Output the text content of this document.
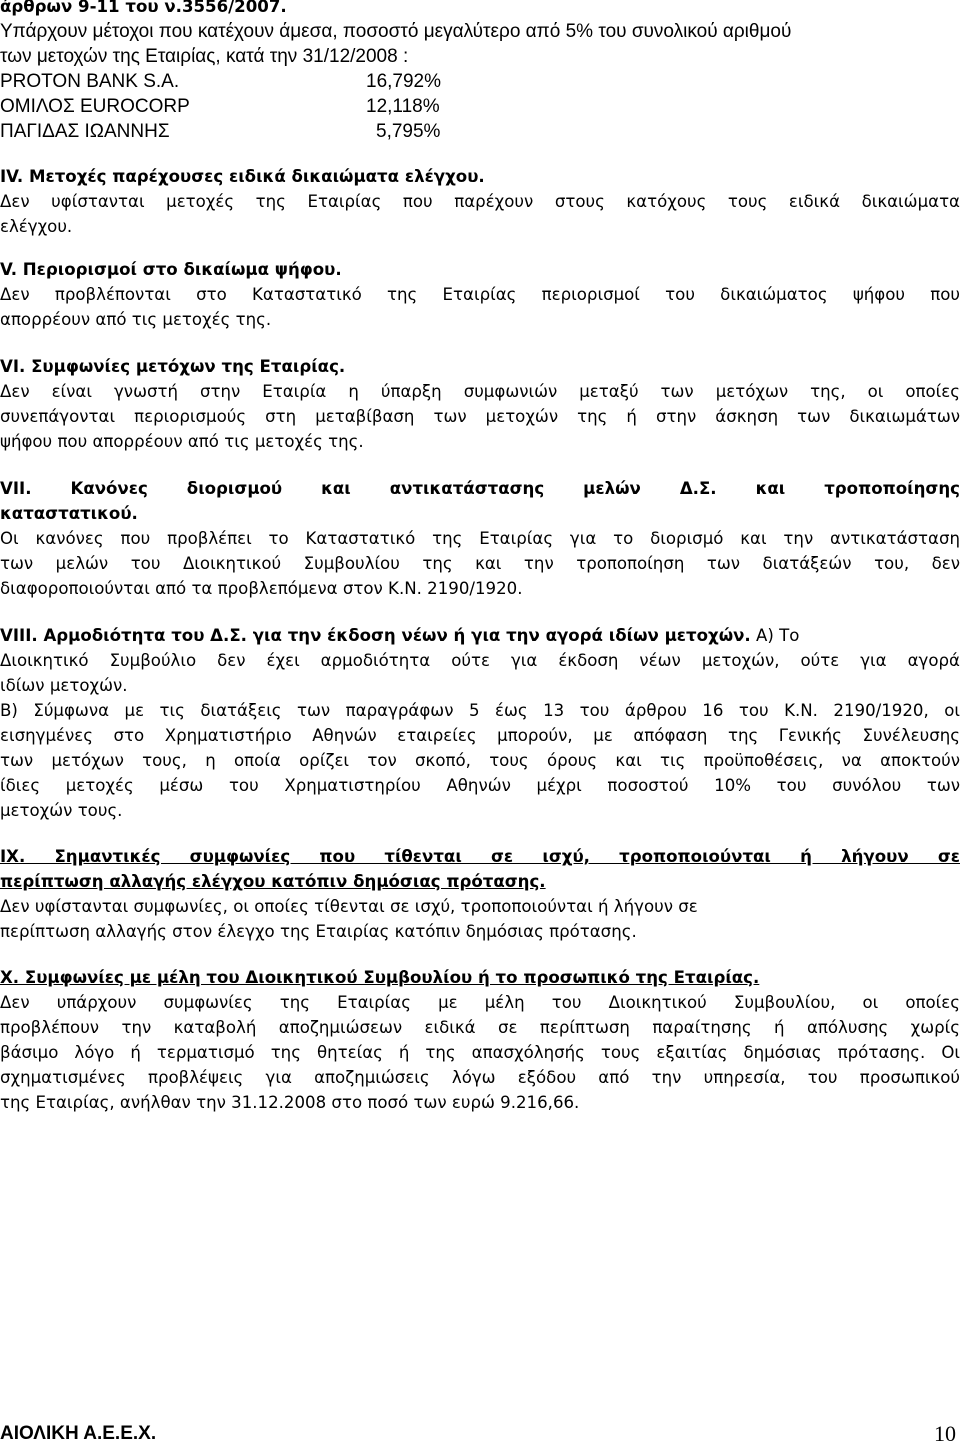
άρθρων 9-11 του ν.3556/2007.
Υπάρχουν μέτοχοι που κατέχουν άμεσα, ποσοστό μεγαλύτερο από 5% του συνολικού αριθμού
των μετοχών της Εταιρίας, κατά την 31/12/2008 :
PROTON BANK S.A.	16,792%
ΟΜΙΛΟΣ EUROCORP	12,118%
ΠΑΓΙΔΑΣ ΙΩΑΝΝΗΣ	5,795%
IV. Μετοχές παρέχουσες ειδικά δικαιώματα ελέγχου.
Δεν υφίστανται μετοχές της Εταιρίας που παρέχουν στους κατόχους τους ειδικά δικαιώματα
ελέγχου.
V. Περιορισμοί στο δικαίωμα ψήφου.
Δεν προβλέπονται στο Καταστατικό της Εταιρίας περιορισμοί του δικαιώματος ψήφου που
απορρέουν από τις μετοχές της.
VI. Συμφωνίες μετόχων της Εταιρίας.
Δεν είναι γνωστή στην Εταιρία η ύπαρξη συμφωνιών μεταξύ των μετόχων της, οι οποίες
συνεπάγονται περιορισμούς στη μεταβίβαση των μετοχών της ή στην άσκηση των δικαιωμάτων
ψήφου που απορρέουν από τις μετοχές της.
VII. Κανόνες διορισμού και αντικατάστασης μελών Δ.Σ. και τροποποίησης
καταστατικού.
Οι κανόνες που προβλέπει το Καταστατικό της Εταιρίας για το διορισμό και την αντικατάσταση
των μελών του Διοικητικού Συμβουλίου της και την τροποποίηση των διατάξεών του, δεν
διαφοροποιούνται από τα προβλεπόμενα στον Κ.Ν. 2190/1920.
VIII. Αρμοδιότητα του Δ.Σ. για την έκδοση νέων ή για την αγορά ιδίων μετοχών. Α) Το
Διοικητικό Συμβούλιο δεν έχει αρμοδιότητα ούτε για έκδοση νέων μετοχών, ούτε για αγορά
ιδίων μετοχών.
Β) Σύμφωνα με τις διατάξεις των παραγράφων 5 έως 13 του άρθρου 16 του Κ.Ν. 2190/1920, οι
εισηγμένες στο Χρηματιστήριο Αθηνών εταιρείες μπορούν, με απόφαση της Γενικής Συνέλευσης
των μετόχων τους, η οποία ορίζει τον σκοπό, τους όρους και τις προϋποθέσεις, να αποκτούν
ίδιες μετοχές μέσω του Χρηματιστηρίου Αθηνών μέχρι ποσοστού 10% του συνόλου των
μετοχών τους.
IX. Σημαντικές συμφωνίες που τίθενται σε ισχύ, τροποποιούνται ή λήγουν σε
περίπτωση αλλαγής ελέγχου κατόπιν δημόσιας πρότασης.
Δεν υφίστανται συμφωνίες, οι οποίες τίθενται σε ισχύ, τροποποιούνται ή λήγουν σε
περίπτωση αλλαγής στον έλεγχο της Εταιρίας κατόπιν δημόσιας πρότασης.
X. Συμφωνίες με μέλη του Διοικητικού Συμβουλίου ή το προσωπικό της Εταιρίας.
Δεν υπάρχουν συμφωνίες της Εταιρίας με μέλη του Διοικητικού Συμβουλίου, οι οποίες
προβλέπουν την καταβολή αποζημιώσεων ειδικά σε περίπτωση παραίτησης ή απόλυσης χωρίς
βάσιμο λόγο ή τερματισμό της θητείας ή της απασχόλησής τους εξαιτίας δημόσιας πρότασης. Οι
σχηματισμένες προβλέψεις για αποζημιώσεις λόγω εξόδου από την υπηρεσία, του προσωπικού
της Εταιρίας, ανήλθαν την 31.12.2008 στο ποσό των ευρώ 9.216,66.
ΑΙΟΛΙΚΗ Α.Ε.Ε.Χ.	10
